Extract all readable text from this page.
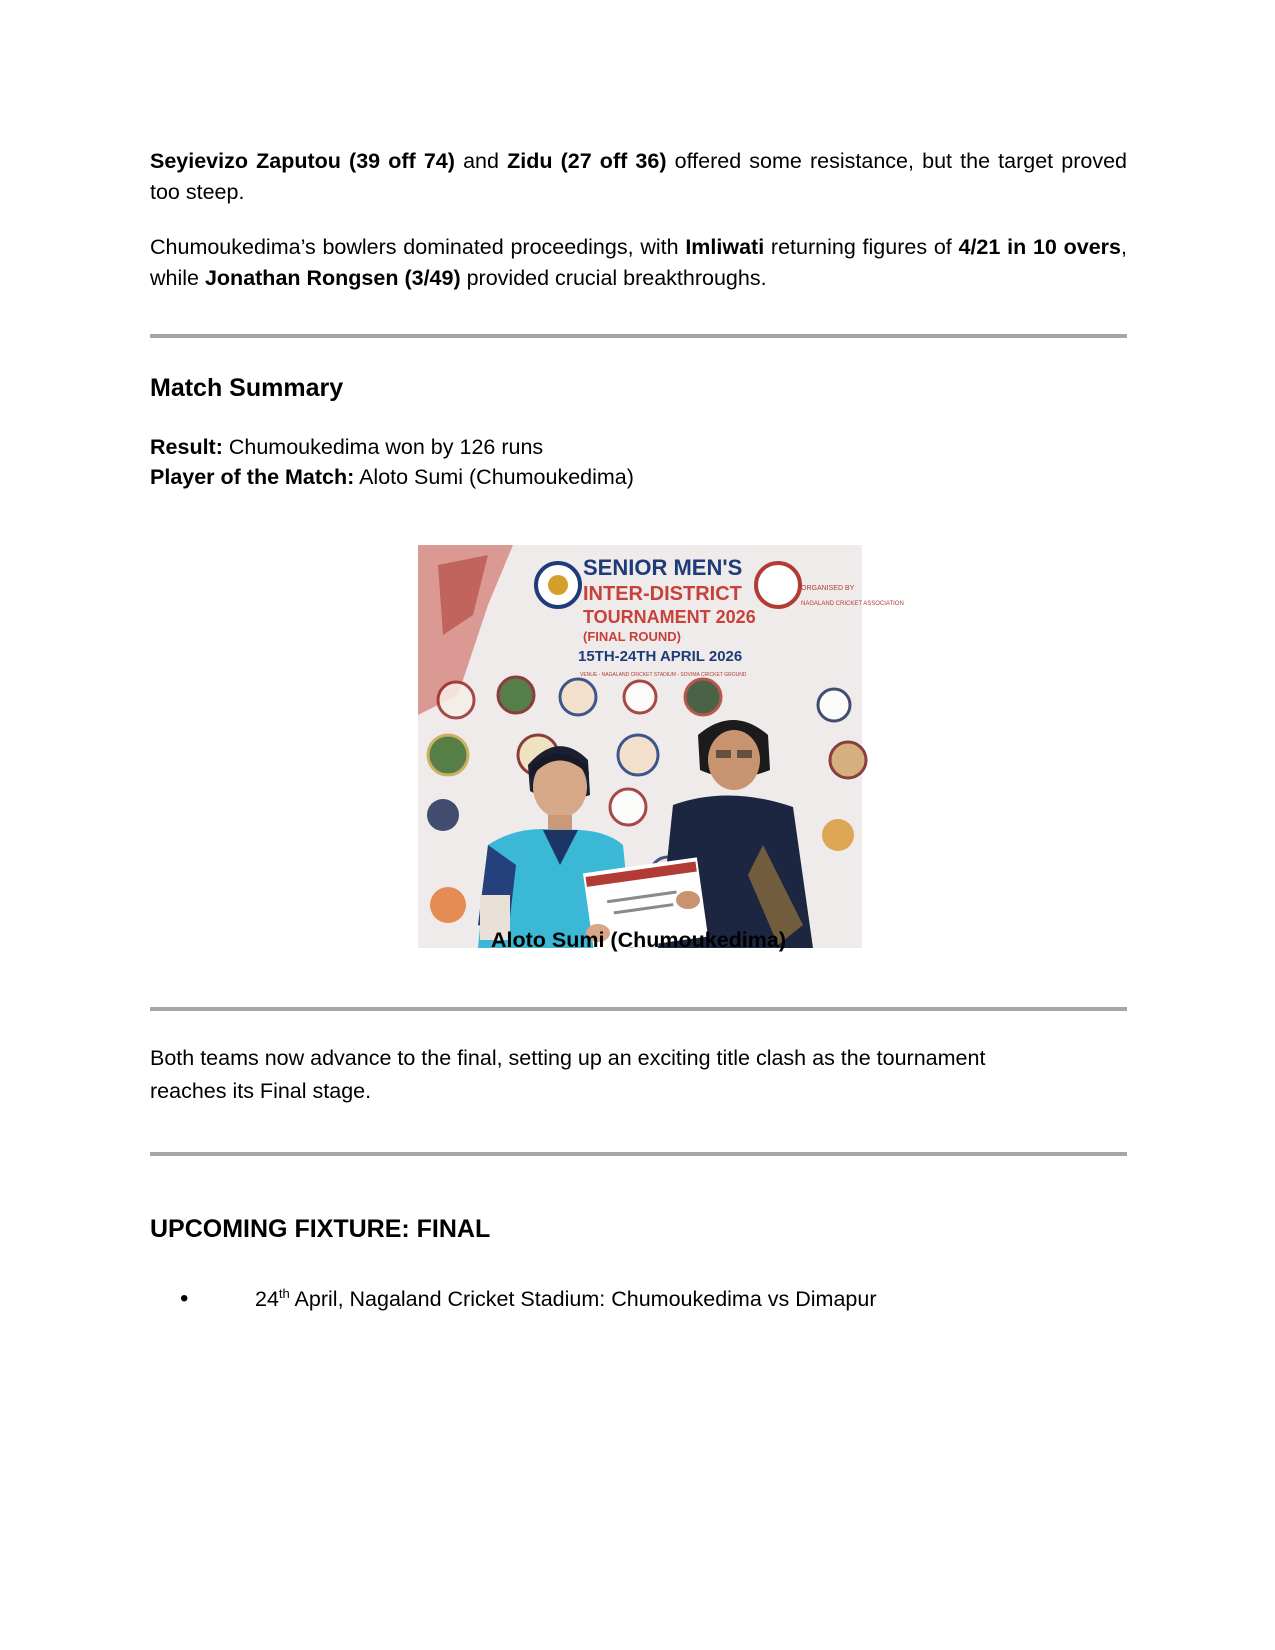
Seyievizo Zaputou (39 off 74) and Zidu (27 off 36) offered some resistance, but the target proved too steep.

Chumoukedima’s bowlers dominated proceedings, with Imliwati returning figures of 4/21 in 10 overs, while Jonathan Rongsen (3/49) provided crucial breakthroughs.

Match Summary
Result: Chumoukedima won by 126 runs
Player of the Match: Aloto Sumi (Chumoukedima)
SENIOR MEN'S
INTER-DISTRICT
TOURNAMENT 2026
(FINAL ROUND)
15TH-24TH APRIL 2026
VENUE - NAGALAND CRICKET STADIUM - SOVIMA CRICKET GROUND
ORGANISED BY
NAGALAND CRICKET ASSOCIATION
Aloto Sumi (Chumoukedima)

Both teams now advance to the final, setting up an exciting title clash as the tournament reaches its Final stage.

UPCOMING FIXTURE: FINAL
•	24th April, Nagaland Cricket Stadium: Chumoukedima vs Dimapur
